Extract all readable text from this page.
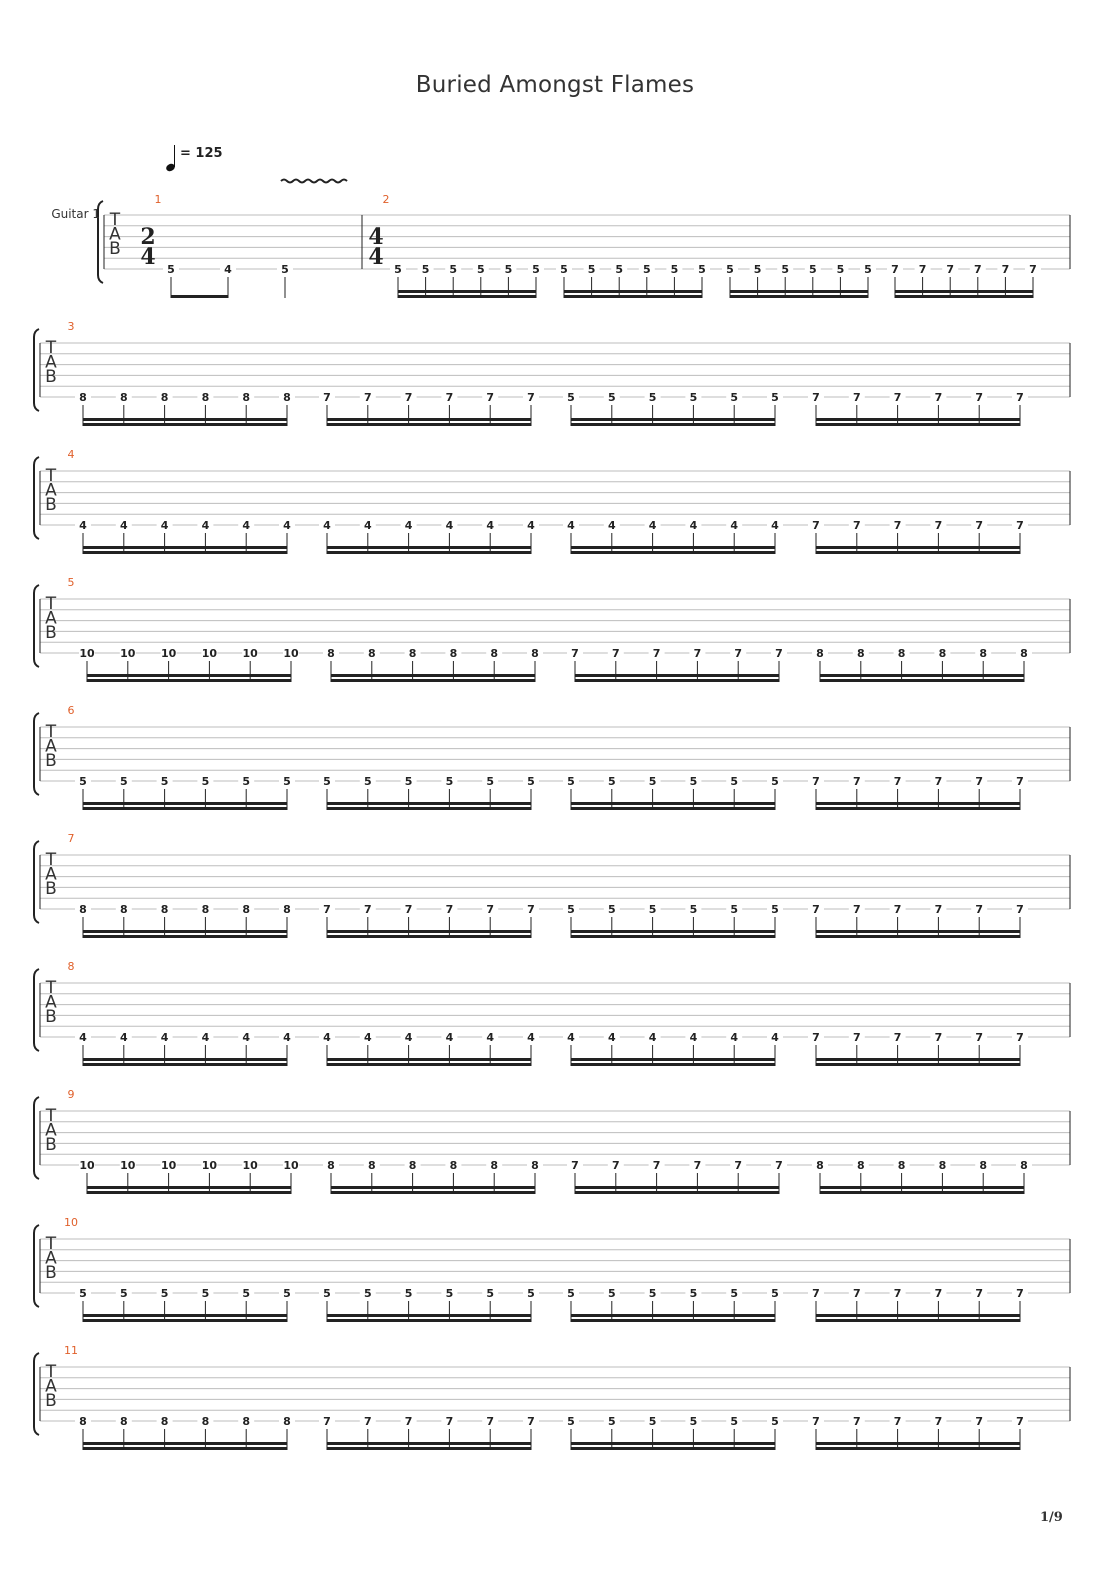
Buried Amongst Flames
= 125
T
A
B
Guitar 1
1
2
4 5	4	5
2
4
4 5 5 5 5 5 5 5 5 5 5 5 5 5 5 5 5 5 5 7 7 7 7 7 7
T
A
B
3
8	8	8	8	8	8	7	7	7	7	7	7	5	5	5	5	5	5	7	7	7	7	7	7
T
A
B
4
4	4	4	4	4	4	4	4	4	4	4	4	4	4	4	4	4	4	7	7	7	7	7	7
T
A
B
5
10 10 10 10 10 10	8	8	8	8	8	8	7	7	7	7	7	7	8	8	8	8	8	8
T
A
B
6
5	5	5	5	5	5	5	5	5	5	5	5	5	5	5	5	5	5	7	7	7	7	7	7
T
A
B
7
8	8	8	8	8	8	7	7	7	7	7	7	5	5	5	5	5	5	7	7	7	7	7	7
T
A
B
8
4	4	4	4	4	4	4	4	4	4	4	4	4	4	4	4	4	4	7	7	7	7	7	7
T
A
B
9
10 10 10 10 10 10	8	8	8	8	8	8	7	7	7	7	7	7	8	8	8	8	8	8
T
A
B
10
5	5	5	5	5	5	5	5	5	5	5	5	5	5	5	5	5	5	7	7	7	7	7	7
T
A
B
11
8	8	8	8	8	8	7	7	7	7	7	7	5	5	5	5	5	5	7	7	7	7	7	7
1/9
